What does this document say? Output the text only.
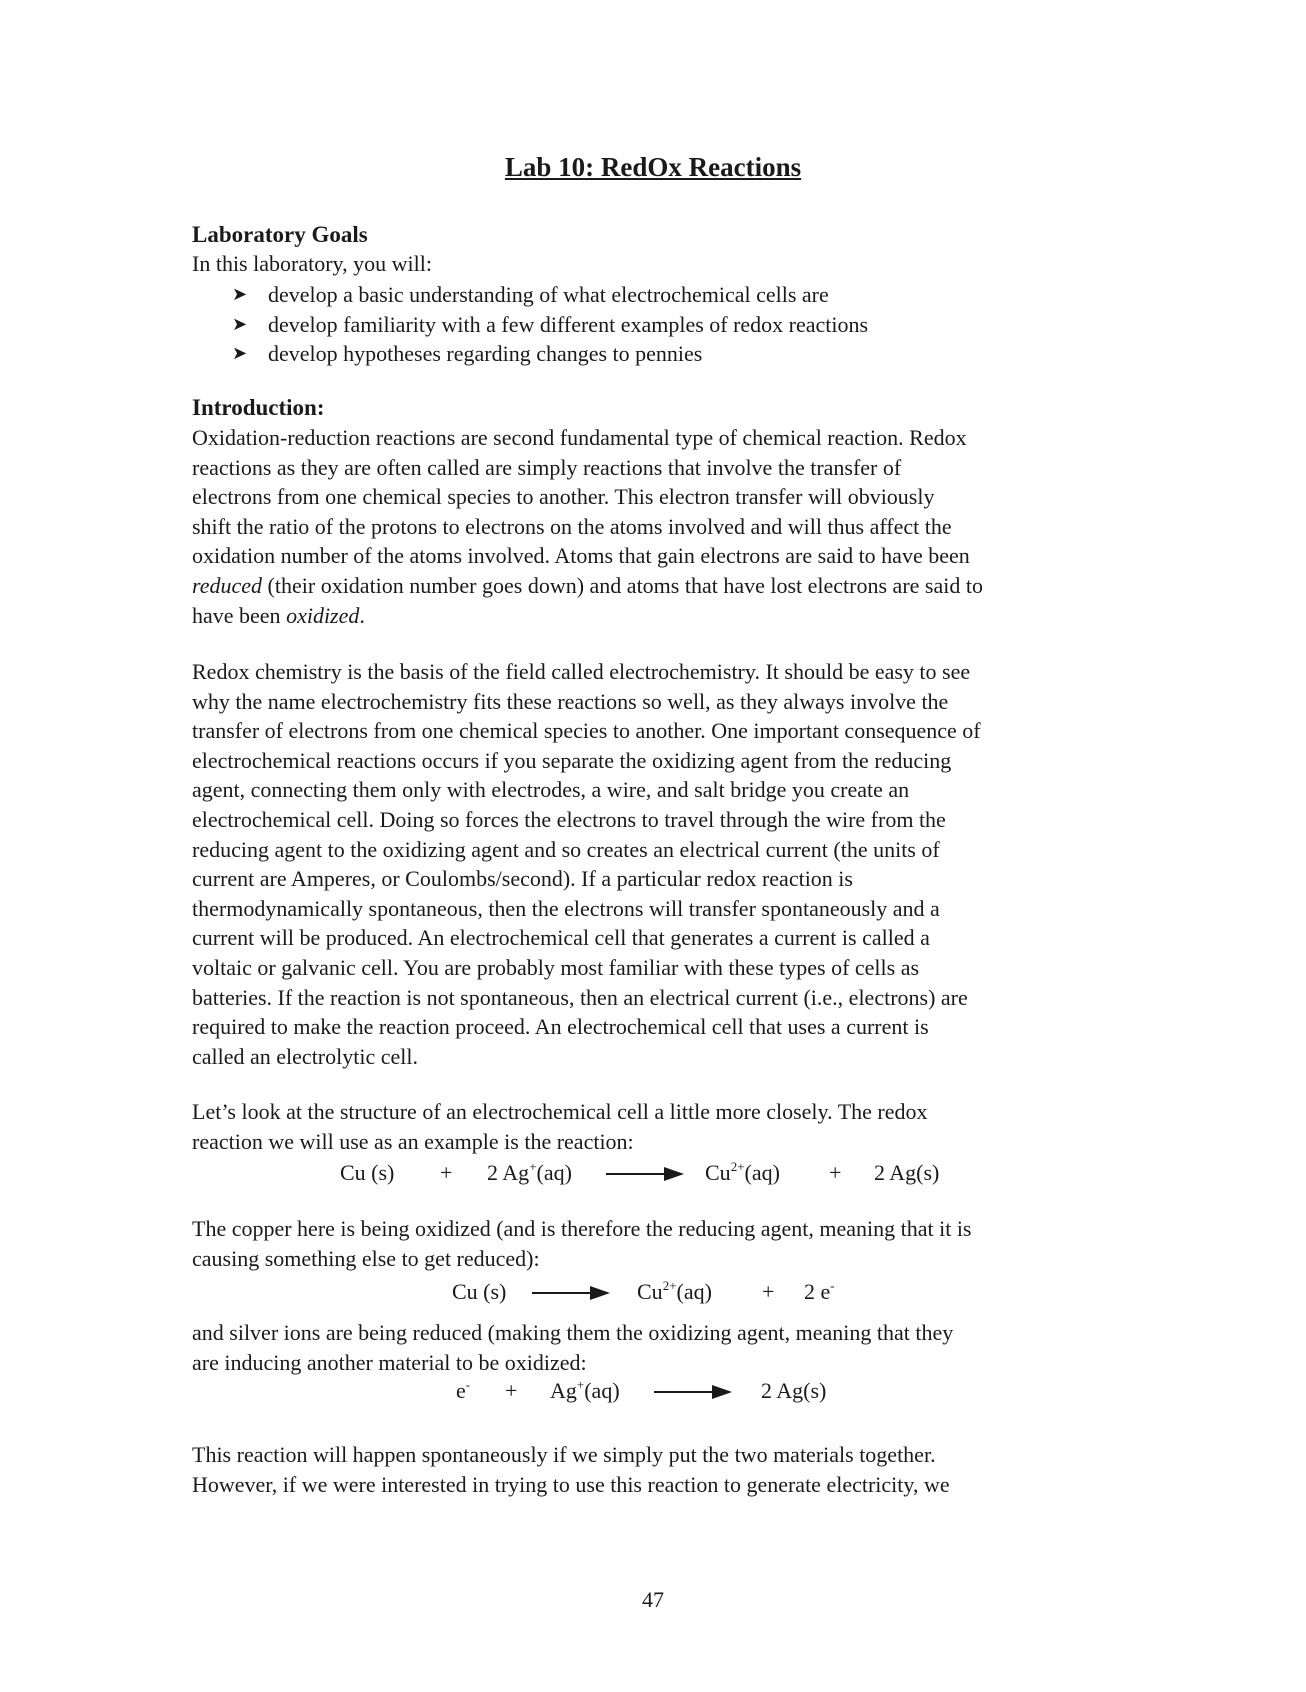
Lab 10: RedOx Reactions
Laboratory Goals
In this laboratory, you will:
➤ develop a basic understanding of what electrochemical cells are
➤ develop familiarity with a few different examples of redox reactions
➤ develop hypotheses regarding changes to pennies
Introduction:
Oxidation-reduction reactions are second fundamental type of chemical reaction. Redox
reactions as they are often called are simply reactions that involve the transfer of
electrons from one chemical species to another. This electron transfer will obviously
shift the ratio of the protons to electrons on the atoms involved and will thus affect the
oxidation number of the atoms involved. Atoms that gain electrons are said to have been
reduced (their oxidation number goes down) and atoms that have lost electrons are said to
have been oxidized.
Redox chemistry is the basis of the field called electrochemistry. It should be easy to see
why the name electrochemistry fits these reactions so well, as they always involve the
transfer of electrons from one chemical species to another. One important consequence of
electrochemical reactions occurs if you separate the oxidizing agent from the reducing
agent, connecting them only with electrodes, a wire, and salt bridge you create an
electrochemical cell. Doing so forces the electrons to travel through the wire from the
reducing agent to the oxidizing agent and so creates an electrical current (the units of
current are Amperes, or Coulombs/second). If a particular redox reaction is
thermodynamically spontaneous, then the electrons will transfer spontaneously and a
current will be produced. An electrochemical cell that generates a current is called a
voltaic or galvanic cell. You are probably most familiar with these types of cells as
batteries. If the reaction is not spontaneous, then an electrical current (i.e., electrons) are
required to make the reaction proceed. An electrochemical cell that uses a current is
called an electrolytic cell.
Let’s look at the structure of an electrochemical cell a little more closely. The redox
reaction we will use as an example is the reaction:
Cu (s) + 2 $Ag^+(aq) \to Cu^{2+}(aq) + 2$ Ag(s)
The copper here is being oxidized (and is therefore the reducing agent, meaning that it is
causing something else to get reduced):
Cu $(s) \to Cu^{2+}(aq) + 2$ e-
and silver ions are being reduced (making them the oxidizing agent, meaning that they
are inducing another material to be oxidized:
e- + Ag+(aq) → 2 Ag(s)
This reaction will happen spontaneously if we simply put the two materials together.
However, if we were interested in trying to use this reaction to generate electricity, we
47
